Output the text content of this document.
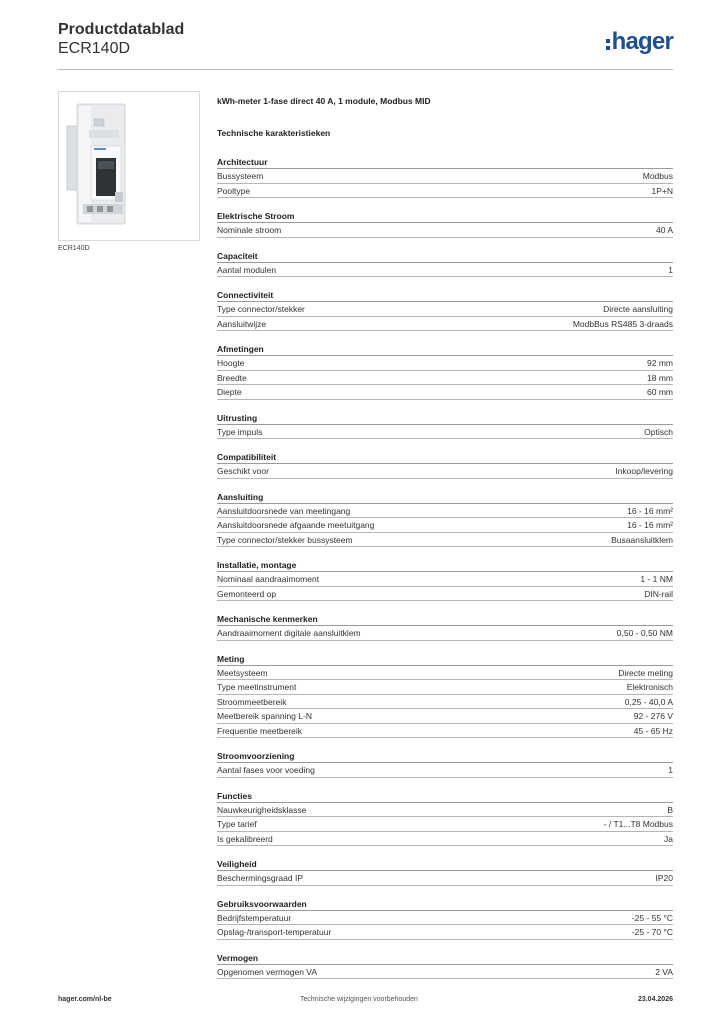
Productdatablad
ECR140D	hager
ECR140D
kWh-meter 1-fase direct 40 A, 1 module, Modbus MID
Technische karakteristieken
Architectuur
Bussysteem	Modbus
Pooltype	1P+N
Elektrische Stroom
Nominale stroom	40 A
Capaciteit
Aantal modulen	1
Connectiviteit
Type connector/stekker	Directe aansluiting
Aansluitwijze	ModbBus RS485 3-draads
Afmetingen
Hoogte	92 mm
Breedte	18 mm
Diepte	60 mm
Uitrusting
Type impuls	Optisch
Compatibiliteit
Geschikt voor	Inkoop/levering
Aansluiting
Aansluitdoorsnede van meetingang	16 - 16 mm²
Aansluitdoorsnede afgaande meetuitgang	16 - 16 mm²
Type connector/stekker bussysteem	Busaansluitklem
Installatie, montage
Nominaal aandraaimoment	1 - 1 NM
Gemonteerd op	DIN-rail
Mechanische kenmerken
Aandraaimoment digitale aansluitklem	0,50 - 0,50 NM
Meting
Meetsysteem	Directe meting
Type meetinstrument	Elektronisch
Stroommeetbereik	0,25 - 40,0 A
Meetbereik spanning L-N	92 - 276 V
Frequentie meetbereik	45 - 65 Hz
Stroomvoorziening
Aantal fases voor voeding	1
Functies
Nauwkeurigheidsklasse	B
Type tarief	- / T1...T8 Modbus
Is gekalibreerd	Ja
Veiligheid
Beschermingsgraad IP	IP20
Gebruiksvoorwaarden
Bedrijfstemperatuur	-25 - 55 °C
Opslag-/transport-temperatuur	-25 - 70 °C
Vermogen
Opgenomen vermogen VA	2 VA
hager.com/nl-be	Technische wijzigingen voorbehouden	23.04.2026
